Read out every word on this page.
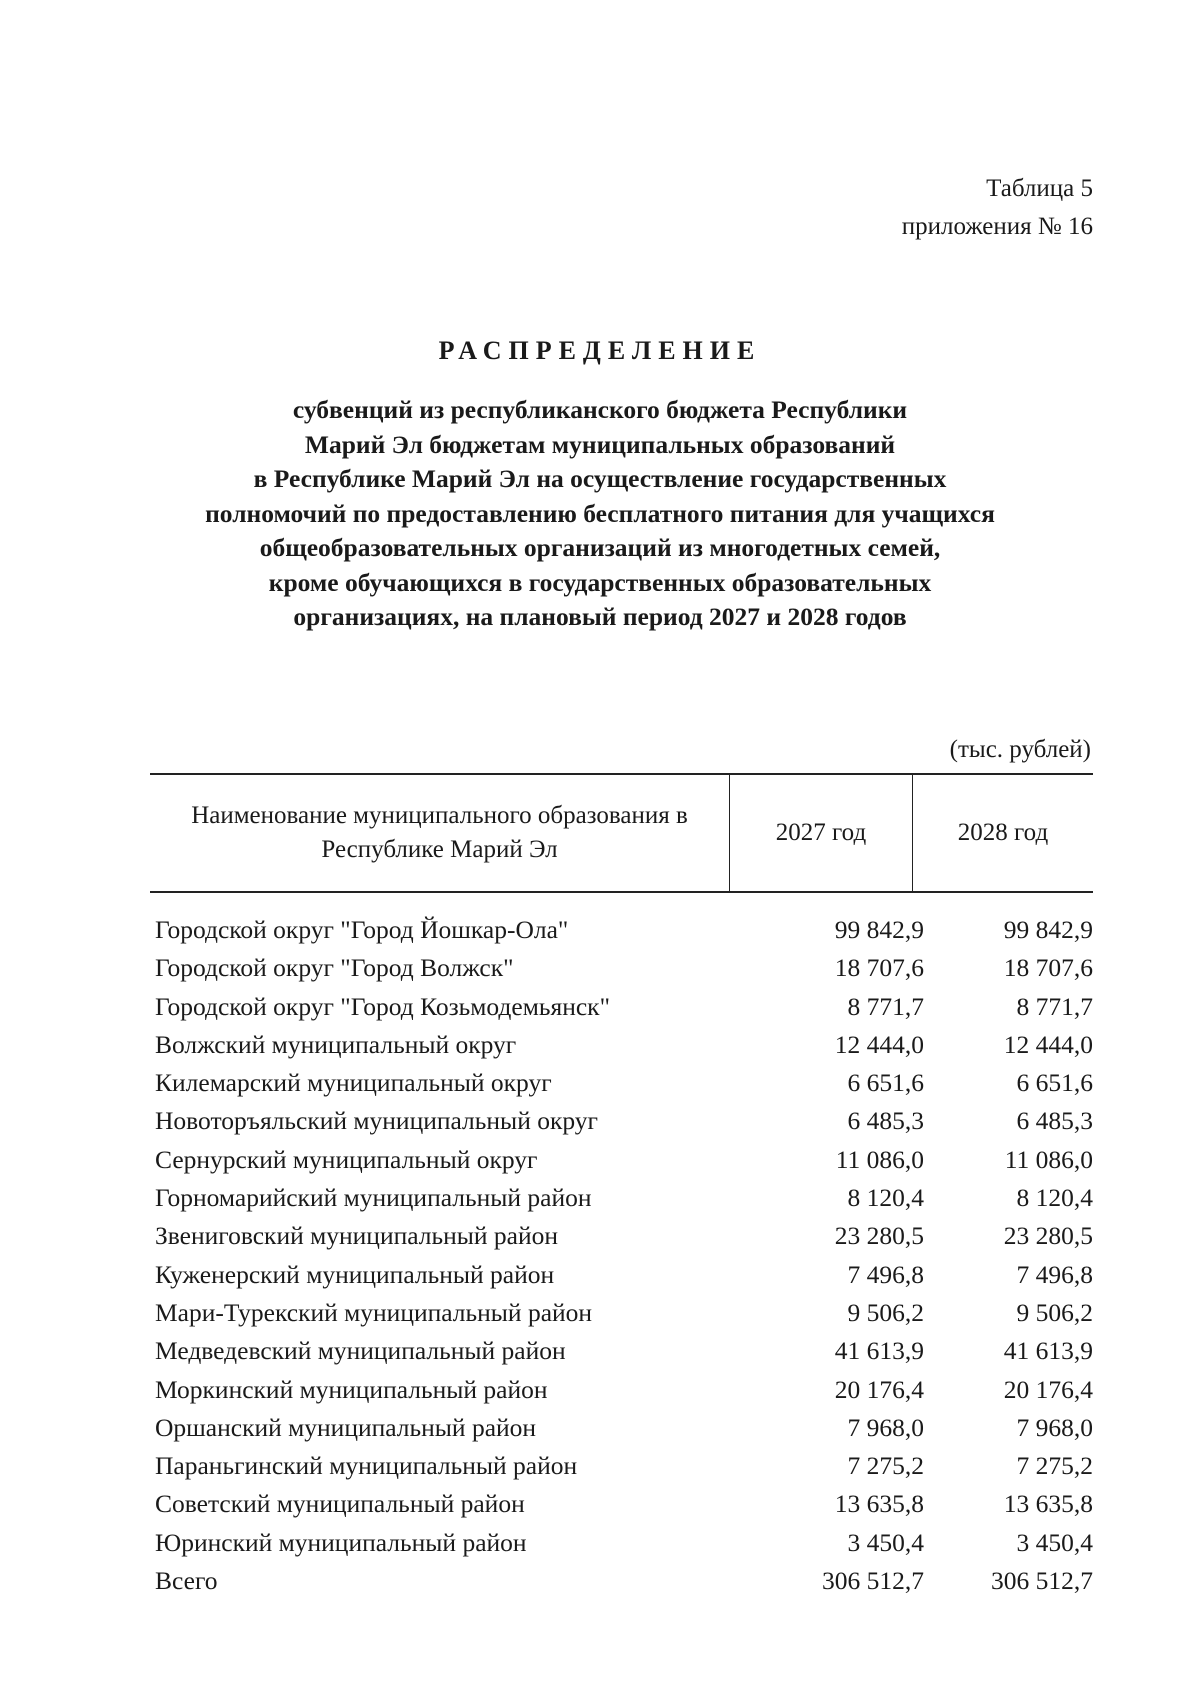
Таблица 5
приложения № 16
РАСПРЕДЕЛЕНИЕ
субвенций из республиканского бюджета Республики
Марий Эл бюджетам муниципальных образований
в Республике Марий Эл на осуществление государственных
полномочий по предоставлению бесплатного питания для учащихся
общеобразовательных организаций из многодетных семей,
кроме обучающихся в государственных образовательных
организациях, на плановый период 2027 и 2028 годов
(тыс. рублей)
Наименование муниципального образования в Республике Марий Эл
2027 год	2028 год
Городской округ "Город Йошкар-Ола"	99 842,9	99 842,9
Городской округ "Город Волжск"	18 707,6	18 707,6
Городской округ "Город Козьмодемьянск"	8 771,7	8 771,7
Волжский муниципальный округ	12 444,0	12 444,0
Килемарский муниципальный округ	6 651,6	6 651,6
Новоторъяльский муниципальный округ	6 485,3	6 485,3
Сернурский муниципальный округ	11 086,0	11 086,0
Горномарийский муниципальный район	8 120,4	8 120,4
Звениговский муниципальный район	23 280,5	23 280,5
Куженерский муниципальный район	7 496,8	7 496,8
Мари-Турекский муниципальный район	9 506,2	9 506,2
Медведевский муниципальный район	41 613,9	41 613,9
Моркинский муниципальный район	20 176,4	20 176,4
Оршанский муниципальный район	7 968,0	7 968,0
Параньгинский муниципальный район	7 275,2	7 275,2
Советский муниципальный район	13 635,8	13 635,8
Юринский муниципальный район	3 450,4	3 450,4
Всего	306 512,7	306 512,7
